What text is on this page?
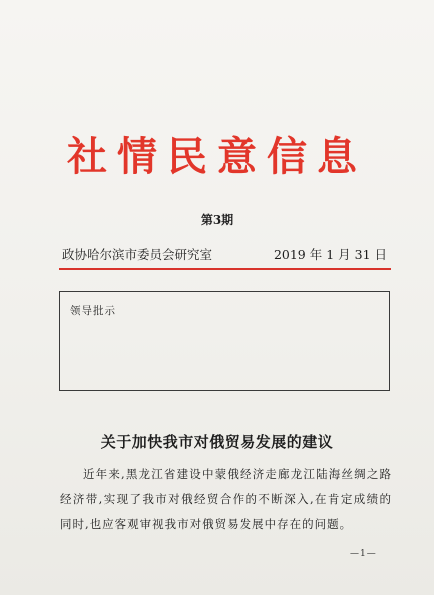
社情民意信息
第3期
政协哈尔滨市委员会研究室	2019 年 1 月 31 日
领导批示
关于加快我市对俄贸易发展的建议
近年来,黑龙江省建设中蒙俄经济走廊龙江陆海丝绸之路经济带,实现了我市对俄经贸合作的不断深入,在肯定成绩的同时,也应客观审视我市对俄贸易发展中存在的问题。
—1—
